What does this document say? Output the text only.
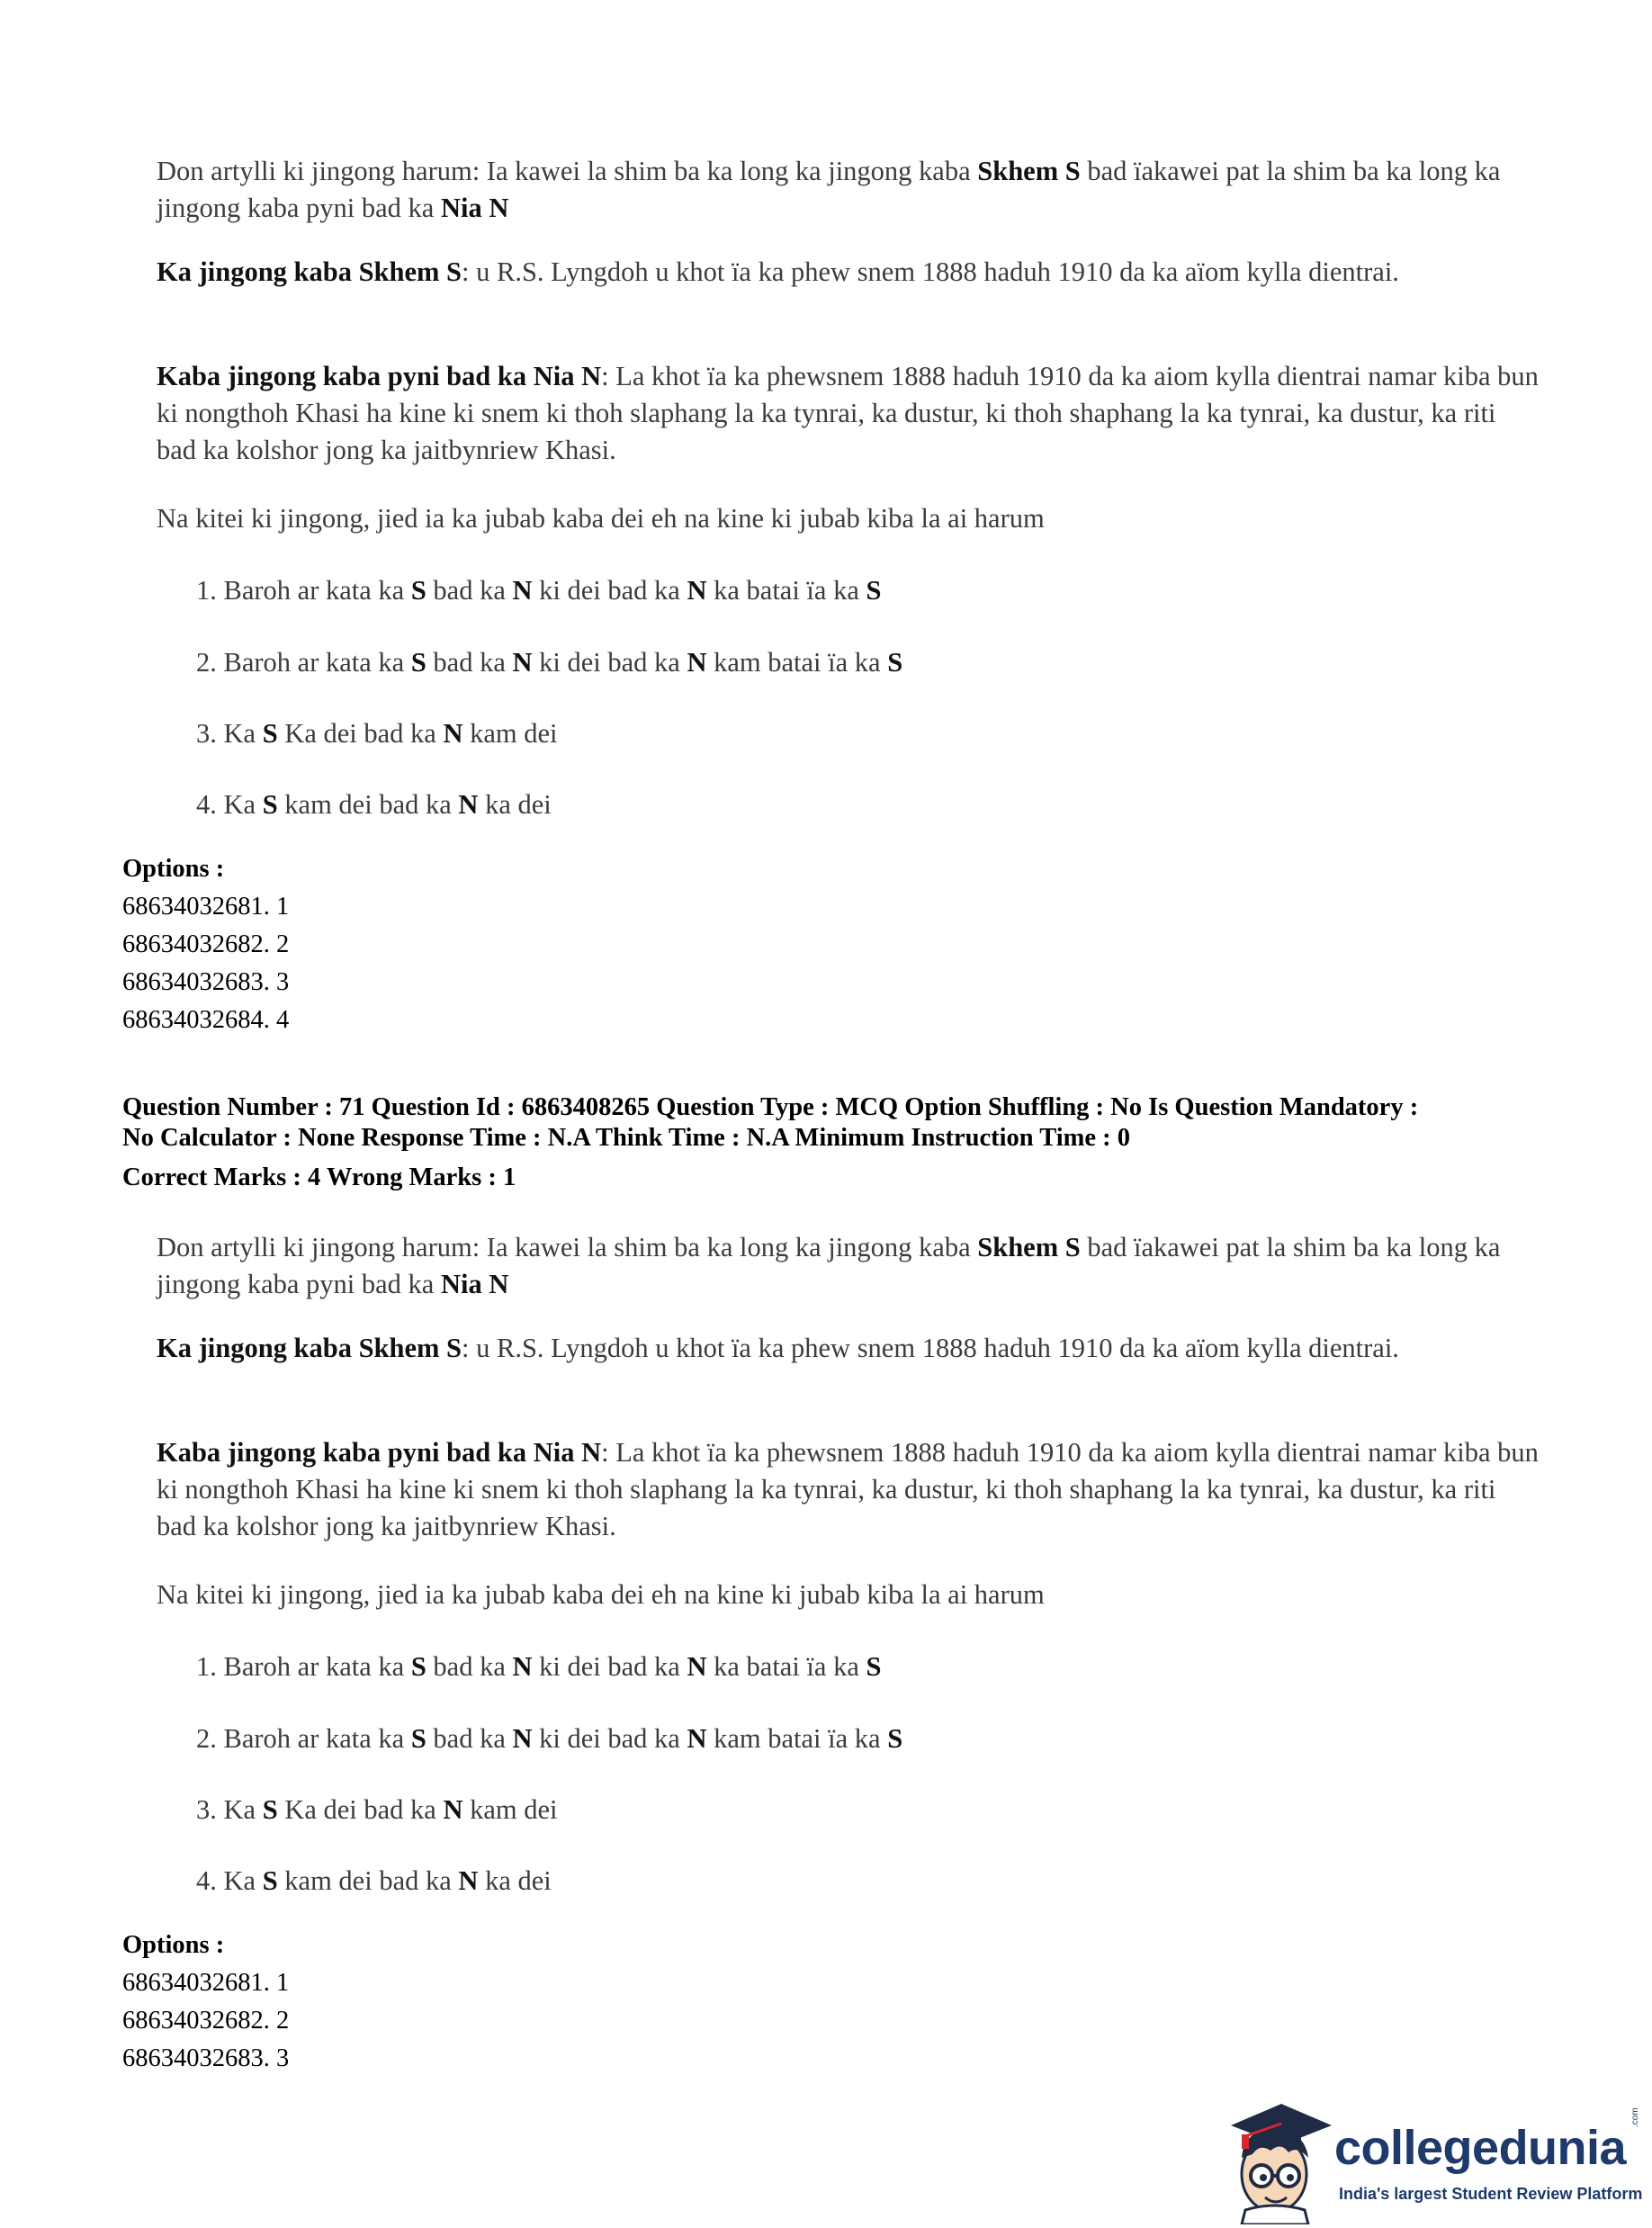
Don artylli ki jingong harum: Ia kawei la shim ba ka long ka jingong kaba Skhem S bad ïakawei pat la shim ba ka long ka jingong kaba pyni bad ka Nia N

Ka jingong kaba Skhem S: u R.S. Lyngdoh u khot ïa ka phew snem 1888 haduh 1910 da ka aïom kylla dientrai.

Kaba jingong kaba pyni bad ka Nia N: La khot ïa ka phewsnem 1888 haduh 1910 da ka aiom kylla dientrai namar kiba bun ki nongthoh Khasi ha kine ki snem ki thoh slaphang la ka tynrai, ka dustur, ki thoh shaphang la ka tynrai, ka dustur, ka riti bad ka kolshor jong ka jaitbynriew Khasi.

Na kitei ki jingong, jied ia ka jubab kaba dei eh na kine ki jubab kiba la ai harum

1. Baroh ar kata ka S bad ka N ki dei bad ka N ka batai ïa ka S
2. Baroh ar kata ka S bad ka N ki dei bad ka N kam batai ïa ka S
3. Ka S Ka dei bad ka N kam dei
4. Ka S kam dei bad ka N ka dei
Options :
68634032681. 1
68634032682. 2
68634032683. 3
68634032684. 4
Question Number : 71 Question Id : 6863408265 Question Type : MCQ Option Shuffling : No Is Question Mandatory :
No Calculator : None Response Time : N.A Think Time : N.A Minimum Instruction Time : 0
Correct Marks : 4 Wrong Marks : 1

Don artylli ki jingong harum: Ia kawei la shim ba ka long ka jingong kaba Skhem S bad ïakawei pat la shim ba ka long ka jingong kaba pyni bad ka Nia N

Ka jingong kaba Skhem S: u R.S. Lyngdoh u khot ïa ka phew snem 1888 haduh 1910 da ka aïom kylla dientrai.

Kaba jingong kaba pyni bad ka Nia N: La khot ïa ka phewsnem 1888 haduh 1910 da ka aiom kylla dientrai namar kiba bun ki nongthoh Khasi ha kine ki snem ki thoh slaphang la ka tynrai, ka dustur, ki thoh shaphang la ka tynrai, ka dustur, ka riti bad ka kolshor jong ka jaitbynriew Khasi.

Na kitei ki jingong, jied ia ka jubab kaba dei eh na kine ki jubab kiba la ai harum

1. Baroh ar kata ka S bad ka N ki dei bad ka N ka batai ïa ka S
2. Baroh ar kata ka S bad ka N ki dei bad ka N kam batai ïa ka S
3. Ka S Ka dei bad ka N kam dei
4. Ka S kam dei bad ka N ka dei
Options :
68634032681. 1
68634032682. 2
68634032683. 3
collegedunia
.com
India's largest Student Review Platform
